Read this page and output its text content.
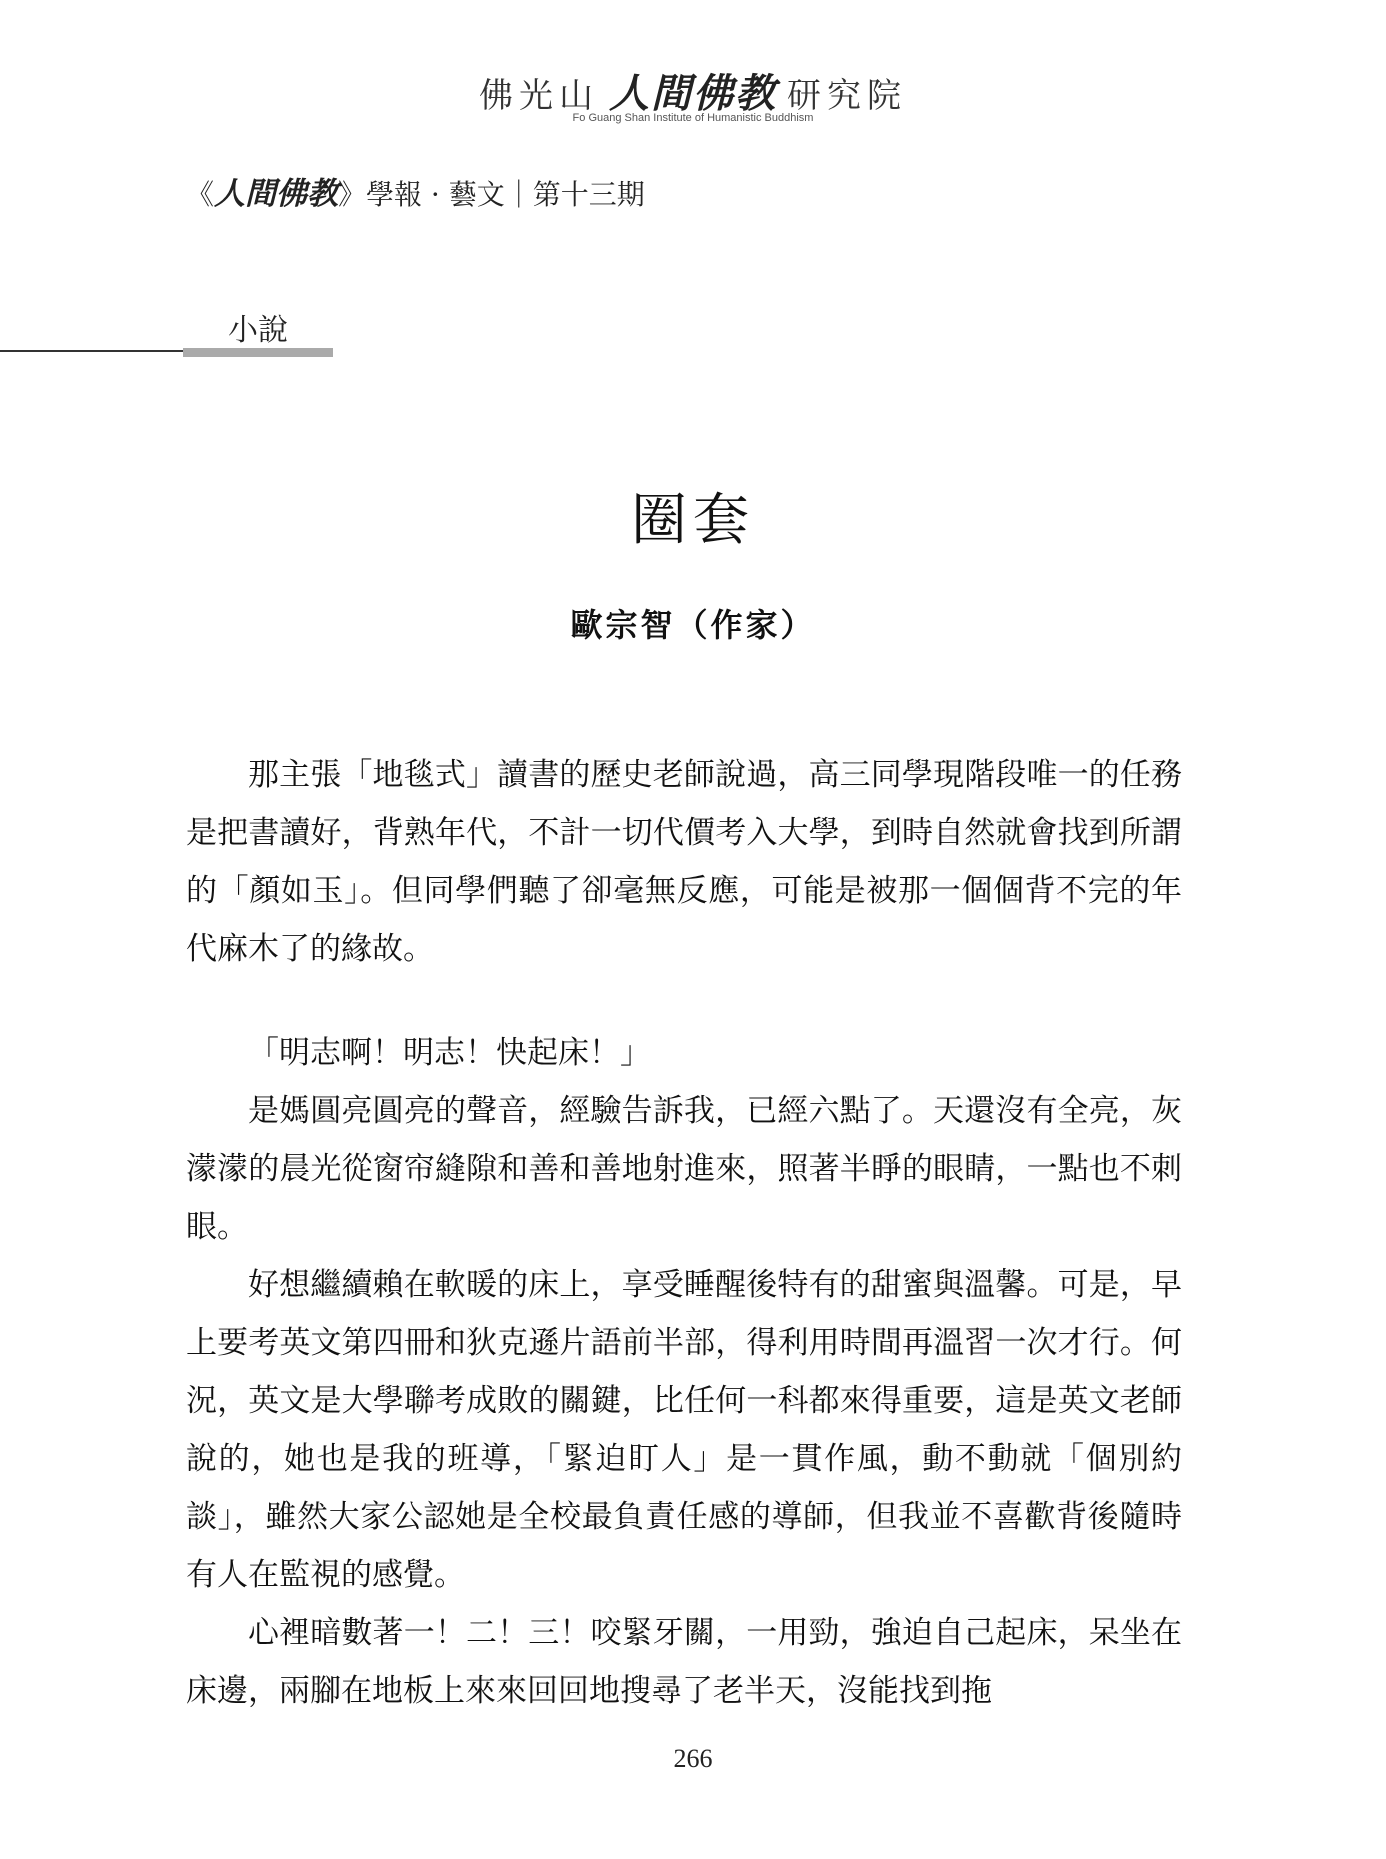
佛光山 人間佛教 研究院
Fo Guang Shan Institute of Humanistic Buddhism
《人間佛教》學報 · 藝文｜第十三期
小說
圈套
歐宗智（作家）

那主張「地毯式」讀書的歷史老師說過，高三同學現階段唯一的任務是把書讀好，背熟年代，不計一切代價考入大學，到時自然就會找到所謂的「顏如玉」。但同學們聽了卻毫無反應，可能是被那一個個背不完的年代麻木了的緣故。

「明志啊！明志！快起床！」

是媽圓亮圓亮的聲音，經驗告訴我，已經六點了。天還沒有全亮，灰濛濛的晨光從窗帘縫隙和善和善地射進來，照著半睜的眼睛，一點也不刺眼。

好想繼續賴在軟暖的床上，享受睡醒後特有的甜蜜與溫馨。可是，早上要考英文第四冊和狄克遜片語前半部，得利用時間再溫習一次才行。何況，英文是大學聯考成敗的關鍵，比任何一科都來得重要，這是英文老師說的，她也是我的班導，「緊迫盯人」是一貫作風，動不動就「個別約談」，雖然大家公認她是全校最負責任感的導師，但我並不喜歡背後隨時有人在監視的感覺。

心裡暗數著一！二！三！咬緊牙關，一用勁，強迫自己起床，呆坐在床邊，兩腳在地板上來來回回地搜尋了老半天，沒能找到拖

266
